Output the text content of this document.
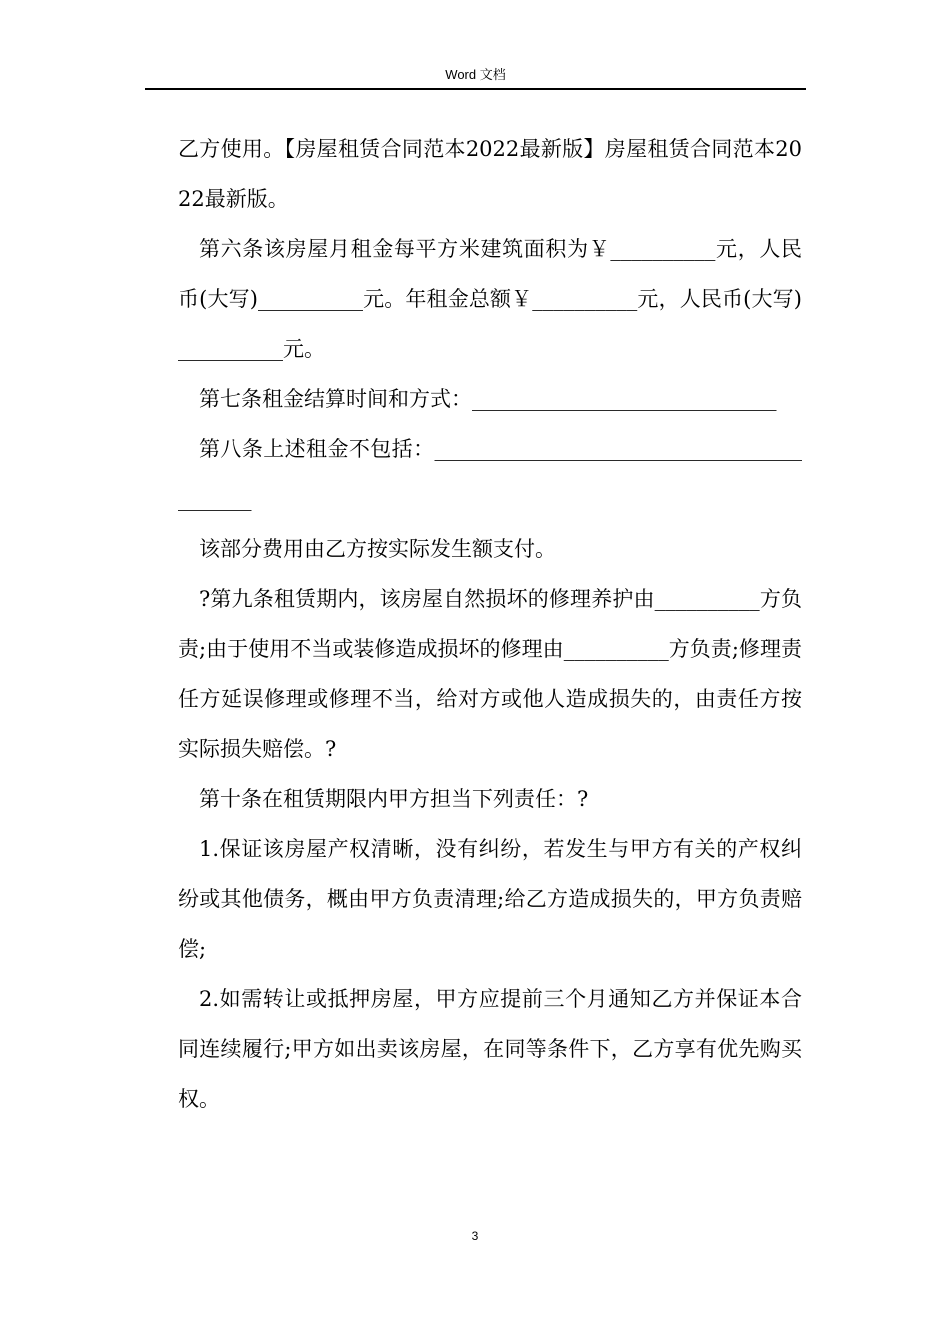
Word 文档

乙方使用。【房屋租赁合同范本2022最新版】房屋租赁合同范本2022最新版。

第六条该房屋月租金每平方米建筑面积为￥__________元，人民币(大写)__________元。年租金总额￥__________元，人民币(大写)__________元。

第七条租金结算时间和方式：_____________________________

第八条上述租金不包括：__________________________________________

该部分费用由乙方按实际发生额支付。

?第九条租赁期内，该房屋自然损坏的修理养护由__________方负责;由于使用不当或装修造成损坏的修理由__________方负责;修理责任方延误修理或修理不当，给对方或他人造成损失的，由责任方按实际损失赔偿。?

第十条在租赁期限内甲方担当下列责任：?

1.保证该房屋产权清晰，没有纠纷，若发生与甲方有关的产权纠纷或其他债务，概由甲方负责清理;给乙方造成损失的，甲方负责赔偿;

2.如需转让或抵押房屋，甲方应提前三个月通知乙方并保证本合同连续履行;甲方如出卖该房屋，在同等条件下，乙方享有优先购买权。

3
